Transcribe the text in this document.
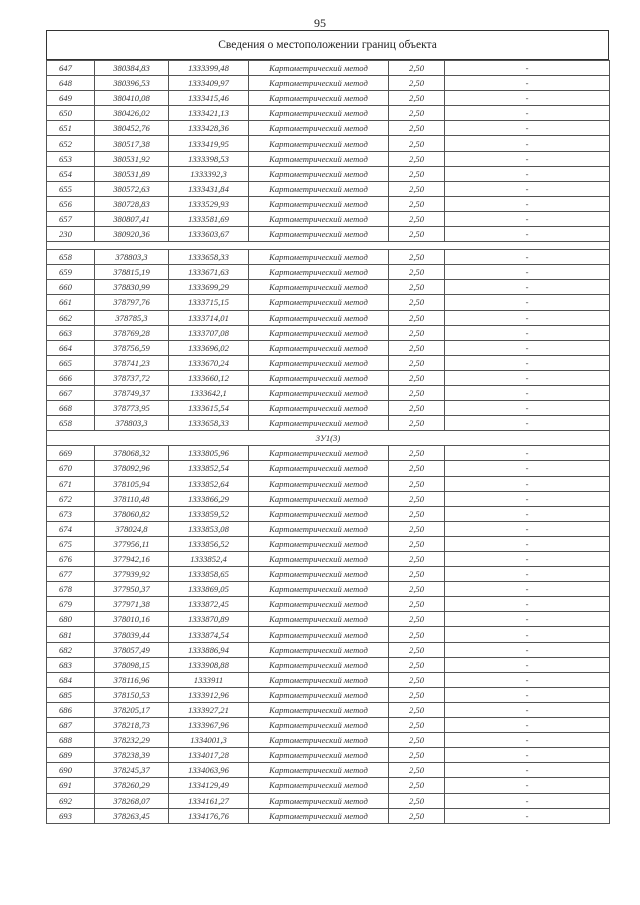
95
Сведения о местоположении границ объекта
647	380384,83	1333399,48	Картометрический метод	2,50	-
648	380396,53	1333409,97	Картометрический метод	2,50	-
649	380410,08	1333415,46	Картометрический метод	2,50	-
650	380426,02	1333421,13	Картометрический метод	2,50	-
651	380452,76	1333428,36	Картометрический метод	2,50	-
652	380517,38	1333419,95	Картометрический метод	2,50	-
653	380531,92	1333398,53	Картометрический метод	2,50	-
654	380531,89	1333392,3	Картометрический метод	2,50	-
655	380572,63	1333431,84	Картометрический метод	2,50	-
656	380728,83	1333529,93	Картометрический метод	2,50	-
657	380807,41	1333581,69	Картометрический метод	2,50	-
230	380920,36	1333603,67	Картометрический метод	2,50	-

658	378803,3	1333658,33	Картометрический метод	2,50	-
659	378815,19	1333671,63	Картометрический метод	2,50	-
660	378830,99	1333699,29	Картометрический метод	2,50	-
661	378797,76	1333715,15	Картометрический метод	2,50	-
662	378785,3	1333714,01	Картометрический метод	2,50	-
663	378769,28	1333707,08	Картометрический метод	2,50	-
664	378756,59	1333696,02	Картометрический метод	2,50	-
665	378741,23	1333670,24	Картометрический метод	2,50	-
666	378737,72	1333660,12	Картометрический метод	2,50	-
667	378749,37	1333642,1	Картометрический метод	2,50	-
668	378773,95	1333615,54	Картометрический метод	2,50	-
658	378803,3	1333658,33	Картометрический метод	2,50	-
3У1(3)					
669	378068,32	1333805,96	Картометрический метод	2,50	-
670	378092,96	1333852,54	Картометрический метод	2,50	-
671	378105,94	1333852,64	Картометрический метод	2,50	-
672	378110,48	1333866,29	Картометрический метод	2,50	-
673	378060,82	1333859,52	Картометрический метод	2,50	-
674	378024,8	1333853,08	Картометрический метод	2,50	-
675	377956,11	1333856,52	Картометрический метод	2,50	-
676	377942,16	1333852,4	Картометрический метод	2,50	-
677	377939,92	1333858,65	Картометрический метод	2,50	-
678	377950,37	1333869,05	Картометрический метод	2,50	-
679	377971,38	1333872,45	Картометрический метод	2,50	-
680	378010,16	1333870,89	Картометрический метод	2,50	-
681	378039,44	1333874,54	Картометрический метод	2,50	-
682	378057,49	1333886,94	Картометрический метод	2,50	-
683	378098,15	1333908,88	Картометрический метод	2,50	-
684	378116,96	1333911	Картометрический метод	2,50	-
685	378150,53	1333912,96	Картометрический метод	2,50	-
686	378205,17	1333927,21	Картометрический метод	2,50	-
687	378218,73	1333967,96	Картометрический метод	2,50	-
688	378232,29	1334001,3	Картометрический метод	2,50	-
689	378238,39	1334017,28	Картометрический метод	2,50	-
690	378245,37	1334063,96	Картометрический метод	2,50	-
691	378260,29	1334129,49	Картометрический метод	2,50	-
692	378268,07	1334161,27	Картометрический метод	2,50	-
693	378263,45	1334176,76	Картометрический метод	2,50	-
